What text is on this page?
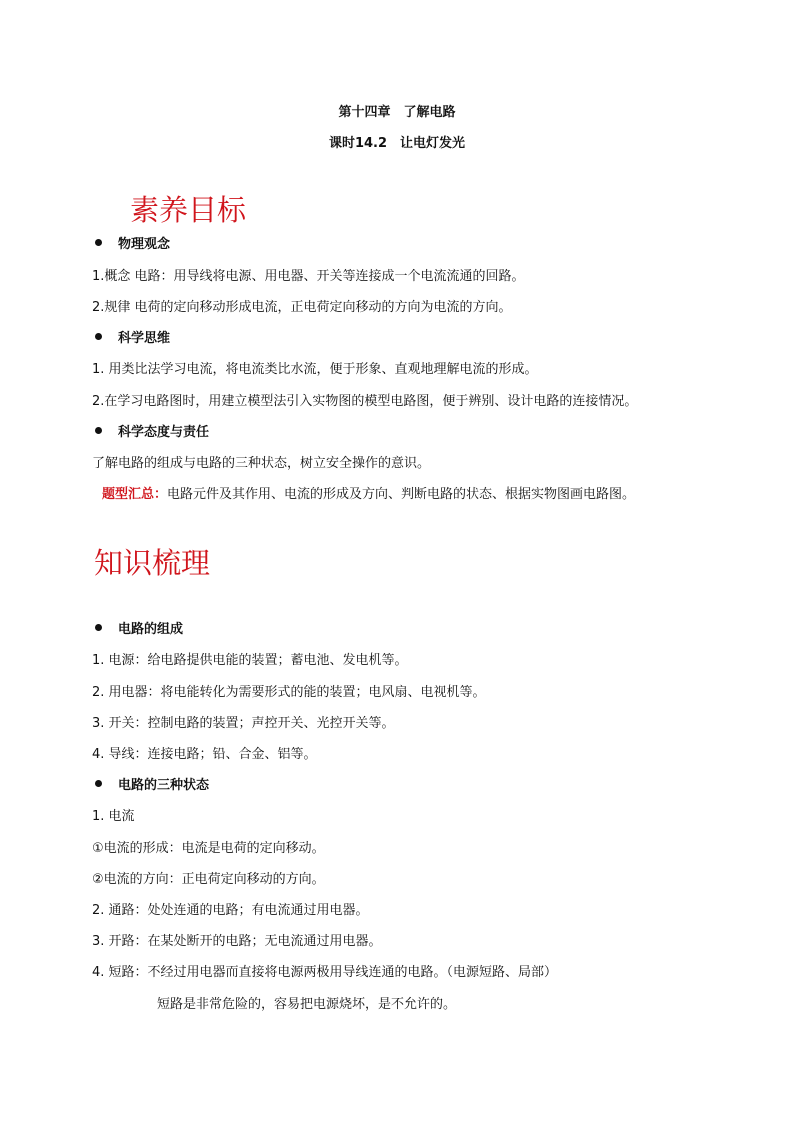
第十四章　了解电路
课时14.2　让电灯发光
素养目标
物理观念
1.概念 电路：用导线将电源、用电器、开关等连接成一个电流流通的回路。
2.规律 电荷的定向移动形成电流，正电荷定向移动的方向为电流的方向。
科学思维
1. 用类比法学习电流，将电流类比水流，便于形象、直观地理解电流的形成。
2.在学习电路图时，用建立模型法引入实物图的模型电路图，便于辨别、设计电路的连接情况。
科学态度与责任
了解电路的组成与电路的三种状态，树立安全操作的意识。
题型汇总：电路元件及其作用、电流的形成及方向、判断电路的状态、根据实物图画电路图。
知识梳理
电路的组成
1. 电源：给电路提供电能的装置；蓄电池、发电机等。
2. 用电器：将电能转化为需要形式的能的装置；电风扇、电视机等。
3. 开关：控制电路的装置；声控开关、光控开关等。
4. 导线：连接电路；铅、合金、铝等。
电路的三种状态
1. 电流
①电流的形成：电流是电荷的定向移动。
②电流的方向：正电荷定向移动的方向。
2. 通路：处处连通的电路；有电流通过用电器。
3. 开路：在某处断开的电路；无电流通过用电器。
4. 短路：不经过用电器而直接将电源两极用导线连通的电路。（电源短路、局部）
短路是非常危险的，容易把电源烧坏，是不允许的。
